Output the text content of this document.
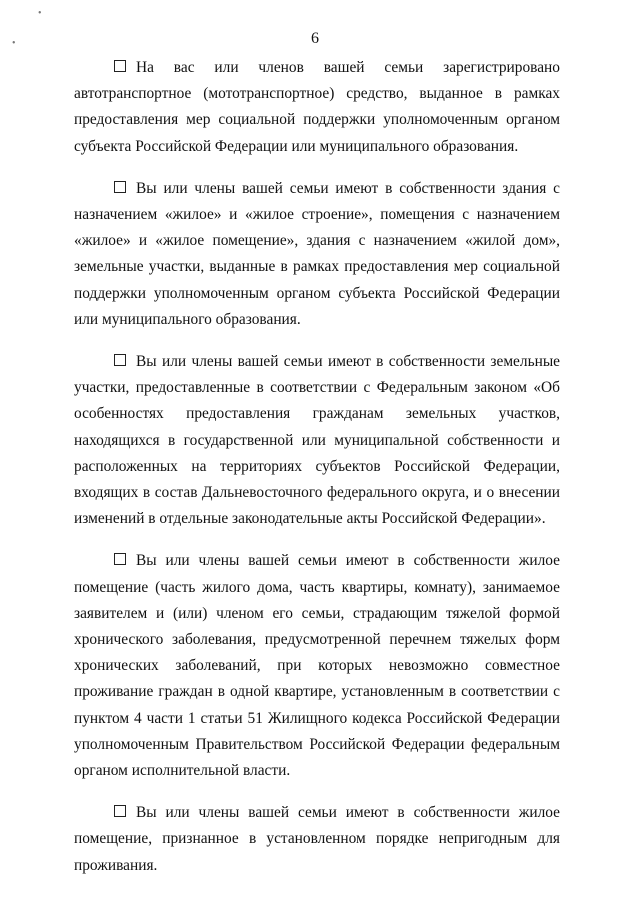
•
•	6

На вас или членов вашей семьи зарегистрировано автотранспортное (мототранспортное) средство, выданное в рамках предоставления мер социальной поддержки уполномоченным органом субъекта Российской Федерации или муниципального образования.

Вы или члены вашей семьи имеют в собственности здания с назначением «жилое» и «жилое строение», помещения с назначением «жилое» и «жилое помещение», здания с назначением «жилой дом», земельные участки, выданные в рамках предоставления мер социальной поддержки уполномоченным органом субъекта Российской Федерации или муниципального образования.

Вы или члены вашей семьи имеют в собственности земельные участки, предоставленные в соответствии с Федеральным законом «Об особенностях предоставления гражданам земельных участков, находящихся в государственной или муниципальной собственности и расположенных на территориях субъектов Российской Федерации, входящих в состав Дальневосточного федерального округа, и о внесении изменений в отдельные законодательные акты Российской Федерации».

Вы или члены вашей семьи имеют в собственности жилое помещение (часть жилого дома, часть квартиры, комнату), занимаемое заявителем и (или) членом его семьи, страдающим тяжелой формой хронического заболевания, предусмотренной перечнем тяжелых форм хронических заболеваний, при которых невозможно совместное проживание граждан в одной квартире, установленным в соответствии с пунктом 4 части 1 статьи 51 Жилищного кодекса Российской Федерации уполномоченным Правительством Российской Федерации федеральным органом исполнительной власти.

Вы или члены вашей семьи имеют в собственности жилое помещение, признанное в установленном порядке непригодным для проживания.
